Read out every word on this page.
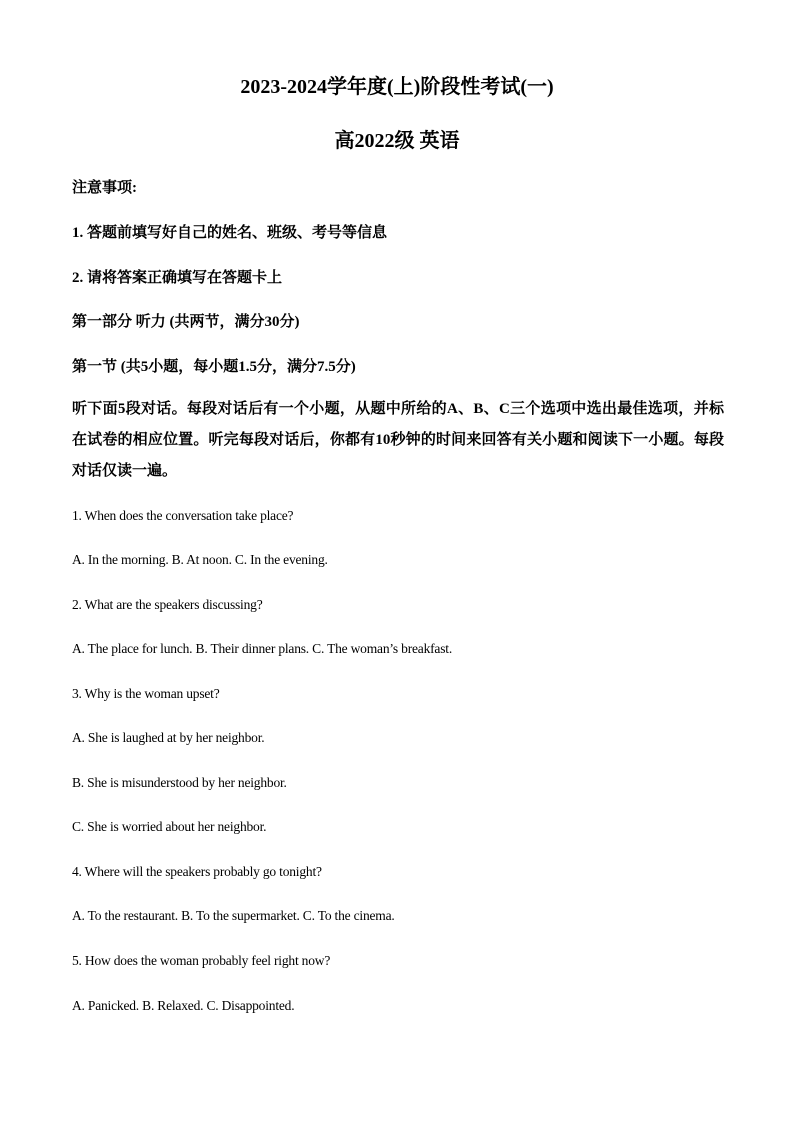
2023-2024学年度(上)阶段性考试(一)
高2022级 英语
注意事项:
1. 答题前填写好自己的姓名、班级、考号等信息
2. 请将答案正确填写在答题卡上
第一部分 听力 (共两节，满分30分)
第一节 (共5小题，每小题1.5分，满分7.5分)
听下面5段对话。每段对话后有一个小题，从题中所给的A、B、C三个选项中选出最佳选项，并标在试卷的相应位置。听完每段对话后，你都有10秒钟的时间来回答有关小题和阅读下一小题。每段对话仅读一遍。
1. When does the conversation take place?
A. In the morning. B. At noon. C. In the evening.
2. What are the speakers discussing?
A. The place for lunch. B. Their dinner plans. C. The woman’s breakfast.
3. Why is the woman upset?
A. She is laughed at by her neighbor.
B. She is misunderstood by her neighbor.
C. She is worried about her neighbor.
4. Where will the speakers probably go tonight?
A. To the restaurant. B. To the supermarket. C. To the cinema.
5. How does the woman probably feel right now?
A. Panicked. B. Relaxed. C. Disappointed.
